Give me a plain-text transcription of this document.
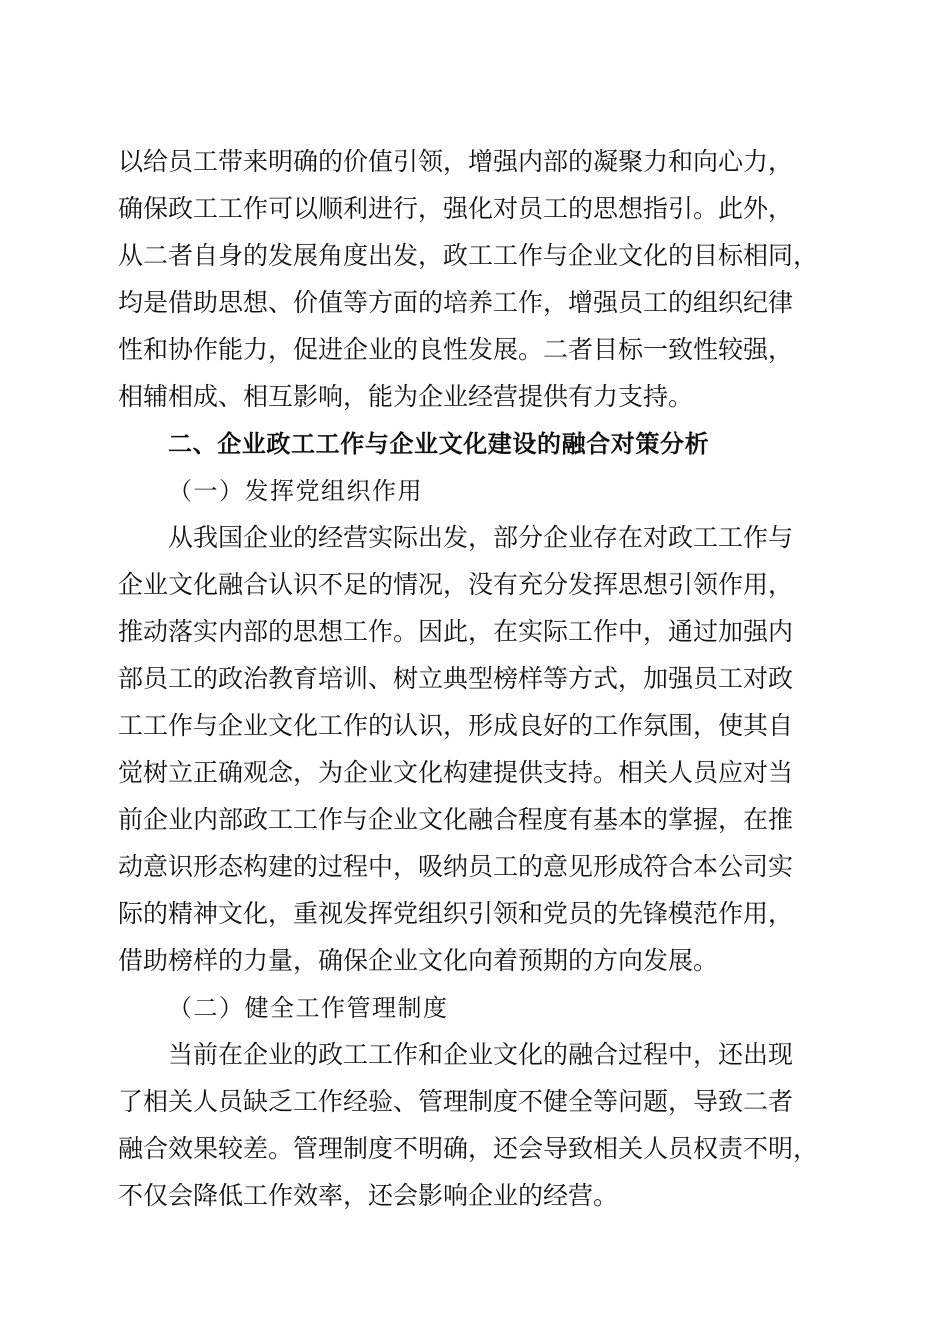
以给员工带来明确的价值引领，增强内部的凝聚力和向心力，
确保政工工作可以顺利进行，强化对员工的思想指引。此外，
从二者自身的发展角度出发，政工工作与企业文化的目标相同，
均是借助思想、价值等方面的培养工作，增强员工的组织纪律
性和协作能力，促进企业的良性发展。二者目标一致性较强，
相辅相成、相互影响，能为企业经营提供有力支持。
二、企业政工工作与企业文化建设的融合对策分析
（一）发挥党组织作用
从我国企业的经营实际出发，部分企业存在对政工工作与
企业文化融合认识不足的情况，没有充分发挥思想引领作用，
推动落实内部的思想工作。因此，在实际工作中，通过加强内
部员工的政治教育培训、树立典型榜样等方式，加强员工对政
工工作与企业文化工作的认识，形成良好的工作氛围，使其自
觉树立正确观念，为企业文化构建提供支持。相关人员应对当
前企业内部政工工作与企业文化融合程度有基本的掌握，在推
动意识形态构建的过程中，吸纳员工的意见形成符合本公司实
际的精神文化，重视发挥党组织引领和党员的先锋模范作用，
借助榜样的力量，确保企业文化向着预期的方向发展。
（二）健全工作管理制度
当前在企业的政工工作和企业文化的融合过程中，还出现
了相关人员缺乏工作经验、管理制度不健全等问题，导致二者
融合效果较差。管理制度不明确，还会导致相关人员权责不明，
不仅会降低工作效率，还会影响企业的经营。
